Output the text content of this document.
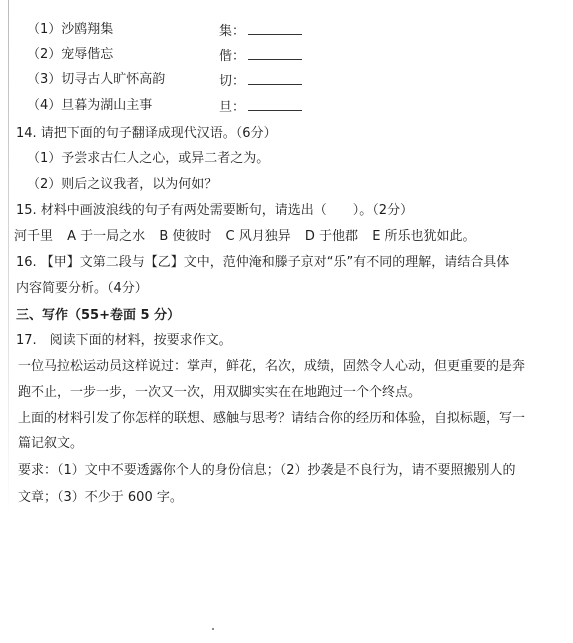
（1）沙鸥翔集	集：
（2）宠辱偕忘	偕：
（3）切寻古人旷怀高韵	切：
（4）旦暮为湖山主事	旦：
14. 请把下面的句子翻译成现代汉语。（6分）
（1）予尝求古仁人之心，或异二者之为。
（2）则后之议我者，以为何如？
15. 材料中画波浪线的句子有两处需要断句，请选出（　　）。（2分）
河千里 A 于一局之水 B 使彼时 C 风月独异 D 于他郡 E 所乐也犹如此。
16. 【甲】文第二段与【乙】文中，范仲淹和滕子京对“乐”有不同的理解，请结合具体
内容简要分析。（4分）
三、写作（55+卷面 5 分）
17.　阅读下面的材料，按要求作文。
一位马拉松运动员这样说过：掌声，鲜花，名次，成绩，固然令人心动，但更重要的是奔
跑不止，一步一步，一次又一次，用双脚实实在在地跑过一个个终点。
上面的材料引发了你怎样的联想、感触与思考？请结合你的经历和体验，自拟标题，写一
篇记叙文。
要求：（1）文中不要透露你个人的身份信息；（2）抄袭是不良行为，请不要照搬别人的
文章；（3）不少于 600 字。
